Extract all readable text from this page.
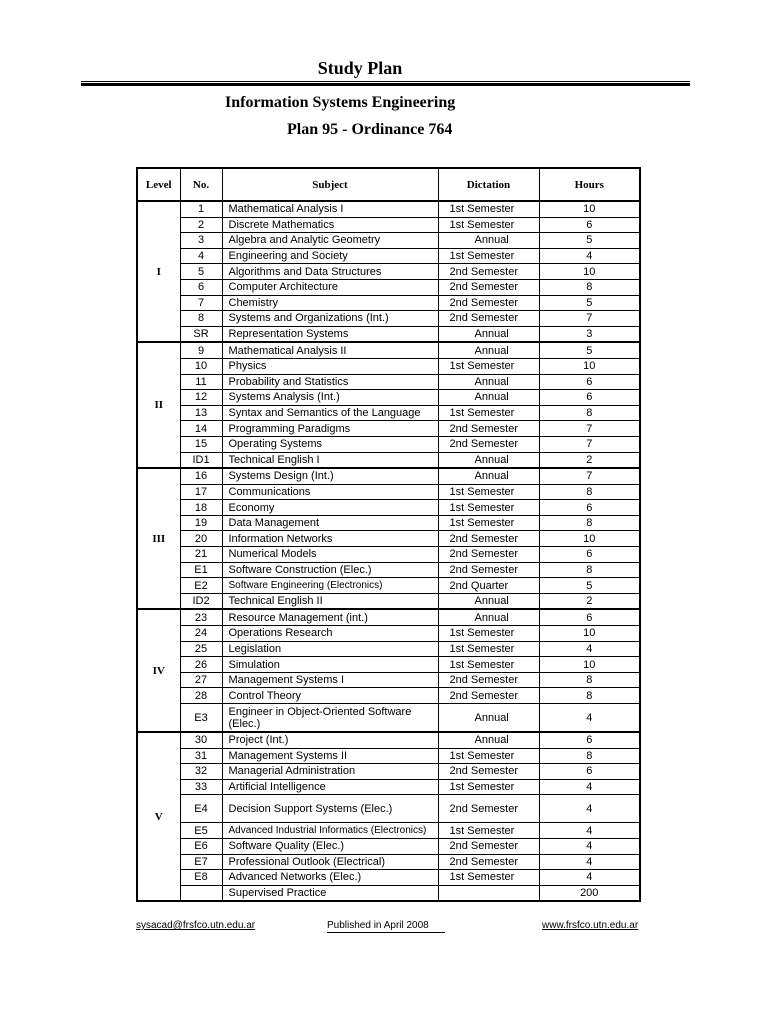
Study Plan
Information Systems Engineering
Plan 95 - Ordinance 764
Level	No.	Subject	Dictation	Hours
I	1	Mathematical Analysis I	1st Semester	10
	2	Discrete Mathematics	1st Semester	6
	3	Algebra and Analytic Geometry	Annual	5
	4	Engineering and Society	1st Semester	4
	5	Algorithms and Data Structures	2nd Semester	10
	6	Computer Architecture	2nd Semester	8
	7	Chemistry	2nd Semester	5
	8	Systems and Organizations (Int.)	2nd Semester	7
	SR	Representation Systems	Annual	3
II	9	Mathematical Analysis II	Annual	5
	10	Physics	1st Semester	10
	11	Probability and Statistics	Annual	6
	12	Systems Analysis (Int.)	Annual	6
	13	Syntax and Semantics of the Language	1st Semester	8
	14	Programming Paradigms	2nd Semester	7
	15	Operating Systems	2nd Semester	7
	ID1	Technical English I	Annual	2
III	16	Systems Design (Int.)	Annual	7
	17	Communications	1st Semester	8
	18	Economy	1st Semester	6
	19	Data Management	1st Semester	8
	20	Information Networks	2nd Semester	10
	21	Numerical Models	2nd Semester	6
	E1	Software Construction (Elec.)	2nd Semester	8
	E2	Software Engineering (Electronics)	2nd Quarter	5
	ID2	Technical English II	Annual	2
IV	23	Resource Management (int.)	Annual	6
	24	Operations Research	1st Semester	10
	25	Legislation	1st Semester	4
	26	Simulation	1st Semester	10
	27	Management Systems I	2nd Semester	8
	28	Control Theory	2nd Semester	8
	E3	Engineer in Object-Oriented Software (Elec.)	Annual	4
V	30	Project (Int.)	Annual	6
	31	Management Systems II	1st Semester	8
	32	Managerial Administration	2nd Semester	6
	33	Artificial Intelligence	1st Semester	4
	E4	Decision Support Systems (Elec.)	2nd Semester	4
	E5	Advanced Industrial Informatics (Electronics)	1st Semester	4
	E6	Software Quality (Elec.)	2nd Semester	4
	E7	Professional Outlook (Electrical)	2nd Semester	4
	E8	Advanced Networks (Elec.)	1st Semester	4
		Supervised Practice		200
sysacad@frsfco.utn.edu.ar	Published in April 2008	www.frsfco.utn.edu.ar
